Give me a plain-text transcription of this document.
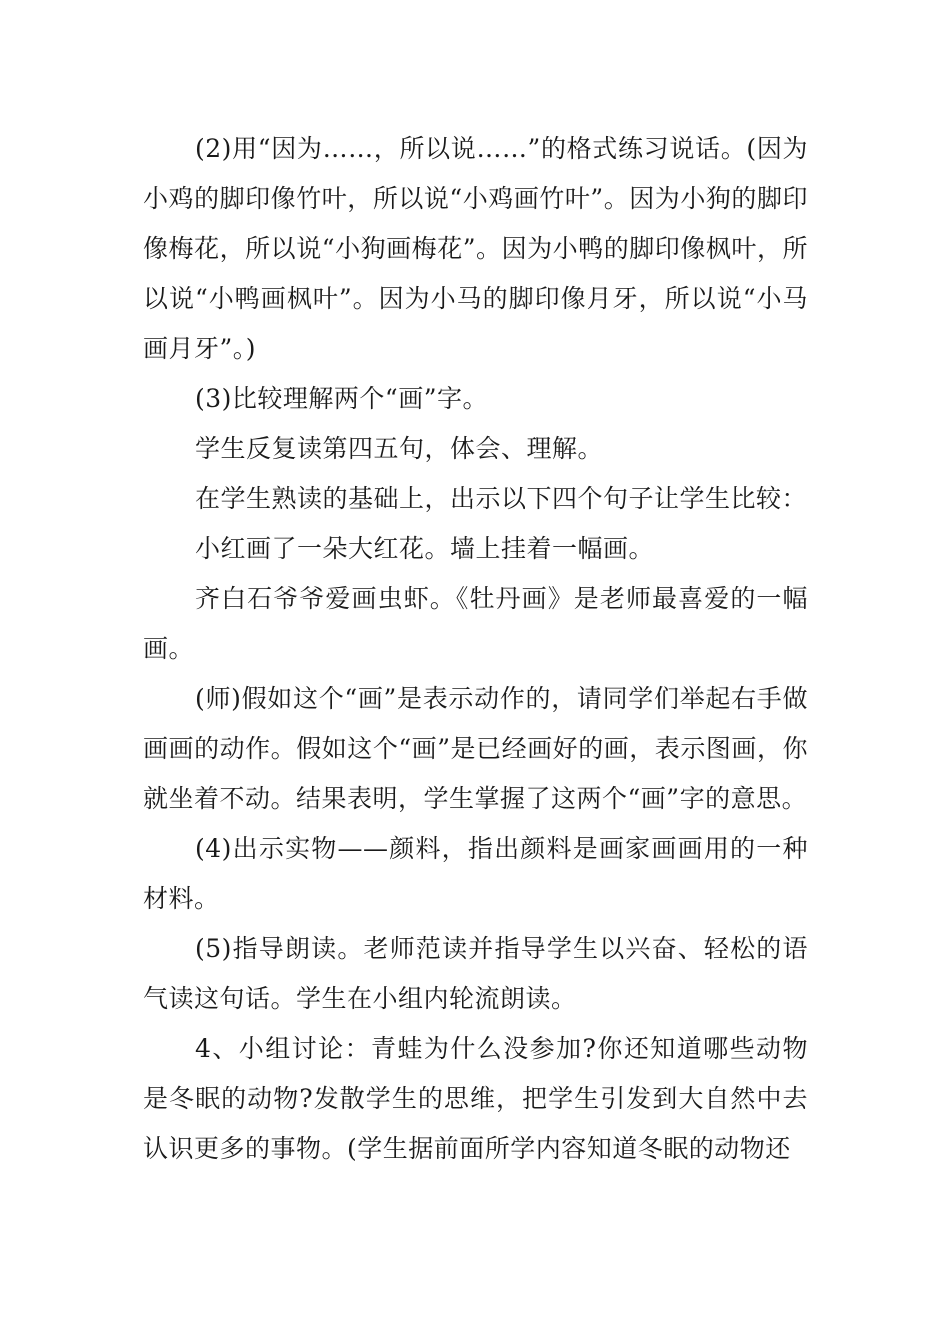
(2)用“因为……，所以说……”的格式练习说话。(因为小鸡的脚印像竹叶，所以说“小鸡画竹叶”。因为小狗的脚印像梅花，所以说“小狗画梅花”。因为小鸭的脚印像枫叶，所以说“小鸭画枫叶”。因为小马的脚印像月牙，所以说“小马画月牙”。)

(3)比较理解两个“画”字。

学生反复读第四五句，体会、理解。

在学生熟读的基础上，出示以下四个句子让学生比较：

小红画了一朵大红花。墙上挂着一幅画。

齐白石爷爷爱画虫虾。《牡丹画》是老师最喜爱的一幅画。

(师)假如这个“画”是表示动作的，请同学们举起右手做画画的动作。假如这个“画”是已经画好的画，表示图画，你就坐着不动。结果表明，学生掌握了这两个“画”字的意思。

(4)出示实物——颜料，指出颜料是画家画画用的一种材料。

(5)指导朗读。老师范读并指导学生以兴奋、轻松的语气读这句话。学生在小组内轮流朗读。

4、小组讨论：青蛙为什么没参加?你还知道哪些动物是冬眠的动物?发散学生的思维，把学生引发到大自然中去认识更多的事物。(学生据前面所学内容知道冬眠的动物还
